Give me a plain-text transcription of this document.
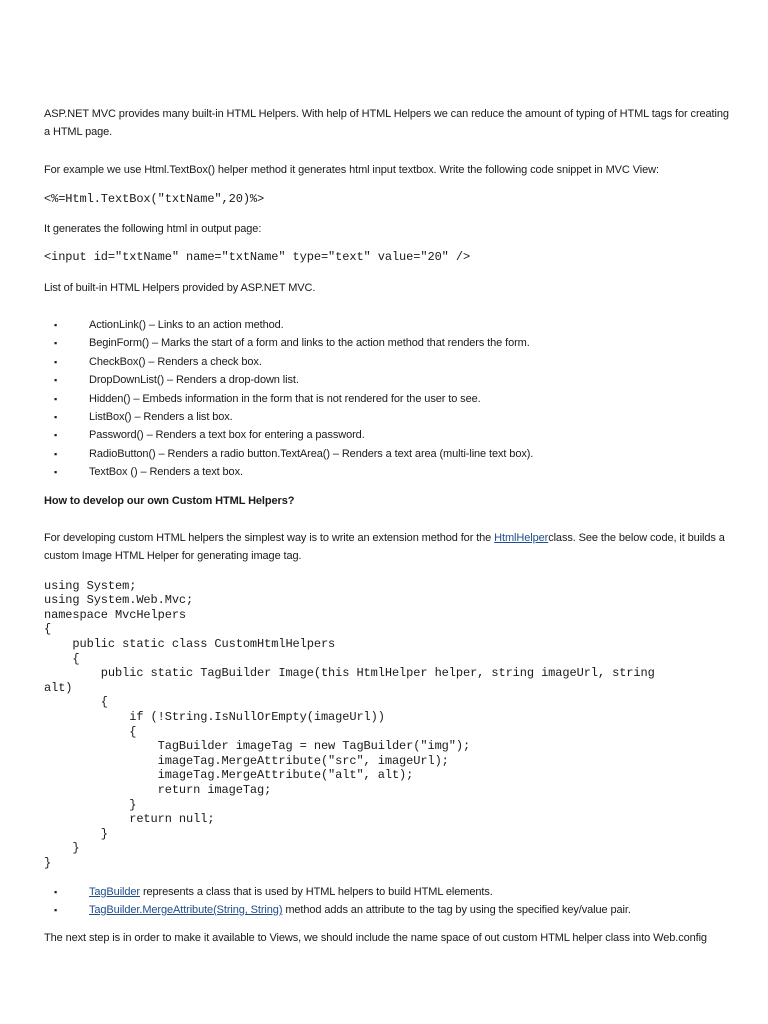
ASP.NET MVC provides many built-in HTML Helpers. With help of HTML Helpers we can reduce the amount of typing of HTML tags for creating a HTML page.

For example we use Html.TextBox() helper method it generates html input textbox. Write the following code snippet in MVC View:

<%=Html.TextBox("txtName",20)%>

It generates the following html in output page:

<input id="txtName" name="txtName" type="text" value="20" />

List of built-in HTML Helpers provided by ASP.NET MVC.

▪	ActionLink() – Links to an action method.
▪	BeginForm() – Marks the start of a form and links to the action method that renders the form.
▪	CheckBox() – Renders a check box.
▪	DropDownList() – Renders a drop-down list.
▪	Hidden() – Embeds information in the form that is not rendered for the user to see.
▪	ListBox() – Renders a list box.
▪	Password() – Renders a text box for entering a password.
▪	RadioButton() – Renders a radio button.TextArea() – Renders a text area (multi-line text box).
▪	TextBox () – Renders a text box.

How to develop our own Custom HTML Helpers?

For developing custom HTML helpers the simplest way is to write an extension method for the HtmlHelperclass. See the below code, it builds a custom Image HTML Helper for generating image tag.

using System;
using System.Web.Mvc;
namespace MvcHelpers
{
public static class CustomHtmlHelpers
{
public static TagBuilder Image(this HtmlHelper helper, string imageUrl, string
alt)
{
if (!String.IsNullOrEmpty(imageUrl))
{
TagBuilder imageTag = new TagBuilder("img");
imageTag.MergeAttribute("src", imageUrl);
imageTag.MergeAttribute("alt", alt);
return imageTag;
}
return null;
}
}
}
▪	TagBuilder represents a class that is used by HTML helpers to build HTML elements.
▪	TagBuilder.MergeAttribute(String, String) method adds an attribute to the tag by using the specified key/value pair.

The next step is in order to make it available to Views, we should include the name space of out custom HTML helper class into Web.config
